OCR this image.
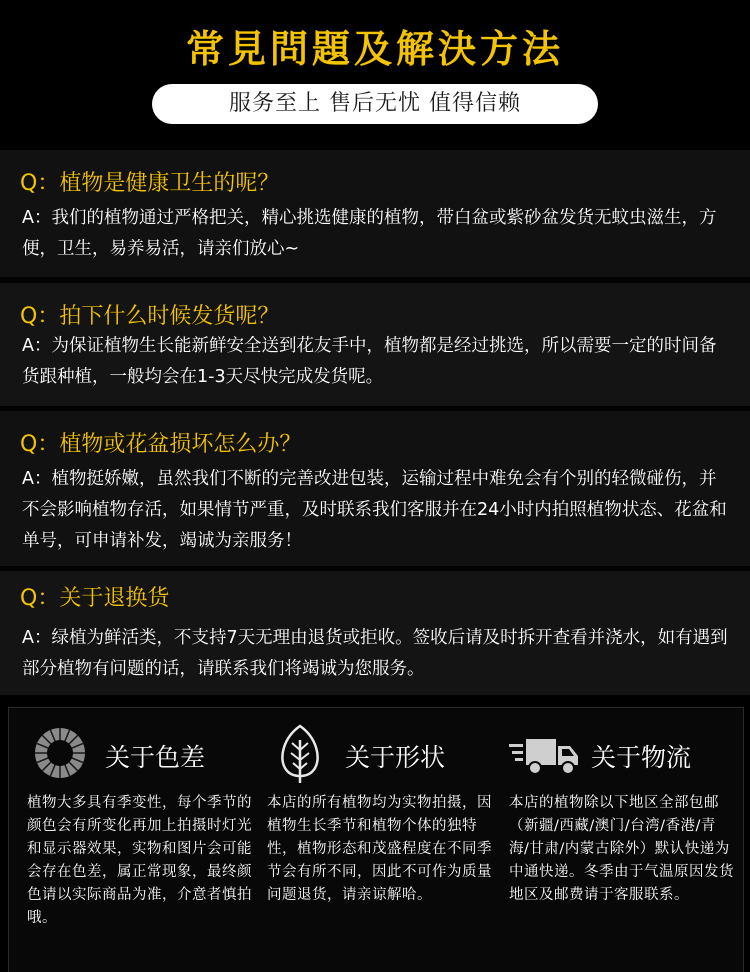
常見問題及解決方法
服务至上 售后无忧 值得信赖
Q：植物是健康卫生的呢？
A：我们的植物通过严格把关，精心挑选健康的植物，带白盆或紫砂盆发货无蚊虫滋生，方便，卫生，易养易活，请亲们放心~
Q：拍下什么时候发货呢？
A：为保证植物生长能新鲜安全送到花友手中，植物都是经过挑选，所以需要一定的时间备货跟种植，一般均会在1-3天尽快完成发货呢。
Q：植物或花盆损坏怎么办？
A：植物挺娇嫩，虽然我们不断的完善改进包装，运输过程中难免会有个别的轻微碰伤，并不会影响植物存活，如果情节严重，及时联系我们客服并在24小时内拍照植物状态、花盆和单号，可申请补发，竭诚为亲服务！
Q：关于退换货
A：绿植为鲜活类，不支持7天无理由退货或拒收。签收后请及时拆开查看并浇水，如有遇到部分植物有问题的话，请联系我们将竭诚为您服务。
关于色差
植物大多具有季变性，每个季节的颜色会有所变化再加上拍摄时灯光和显示器效果，实物和图片会可能会存在色差，属正常现象，最终颜色请以实际商品为准，介意者慎拍哦。
关于形状
本店的所有植物均为实物拍摄，因植物生长季节和植物个体的独特性，植物形态和茂盛程度在不同季节会有所不同，因此不可作为质量问题退货，请亲谅解哈。
关于物流
本店的植物除以下地区全部包邮（新疆/西藏/澳门/台湾/香港/青海/甘肃/内蒙古除外）默认快递为中通快递。冬季由于气温原因发货地区及邮费请于客服联系。
